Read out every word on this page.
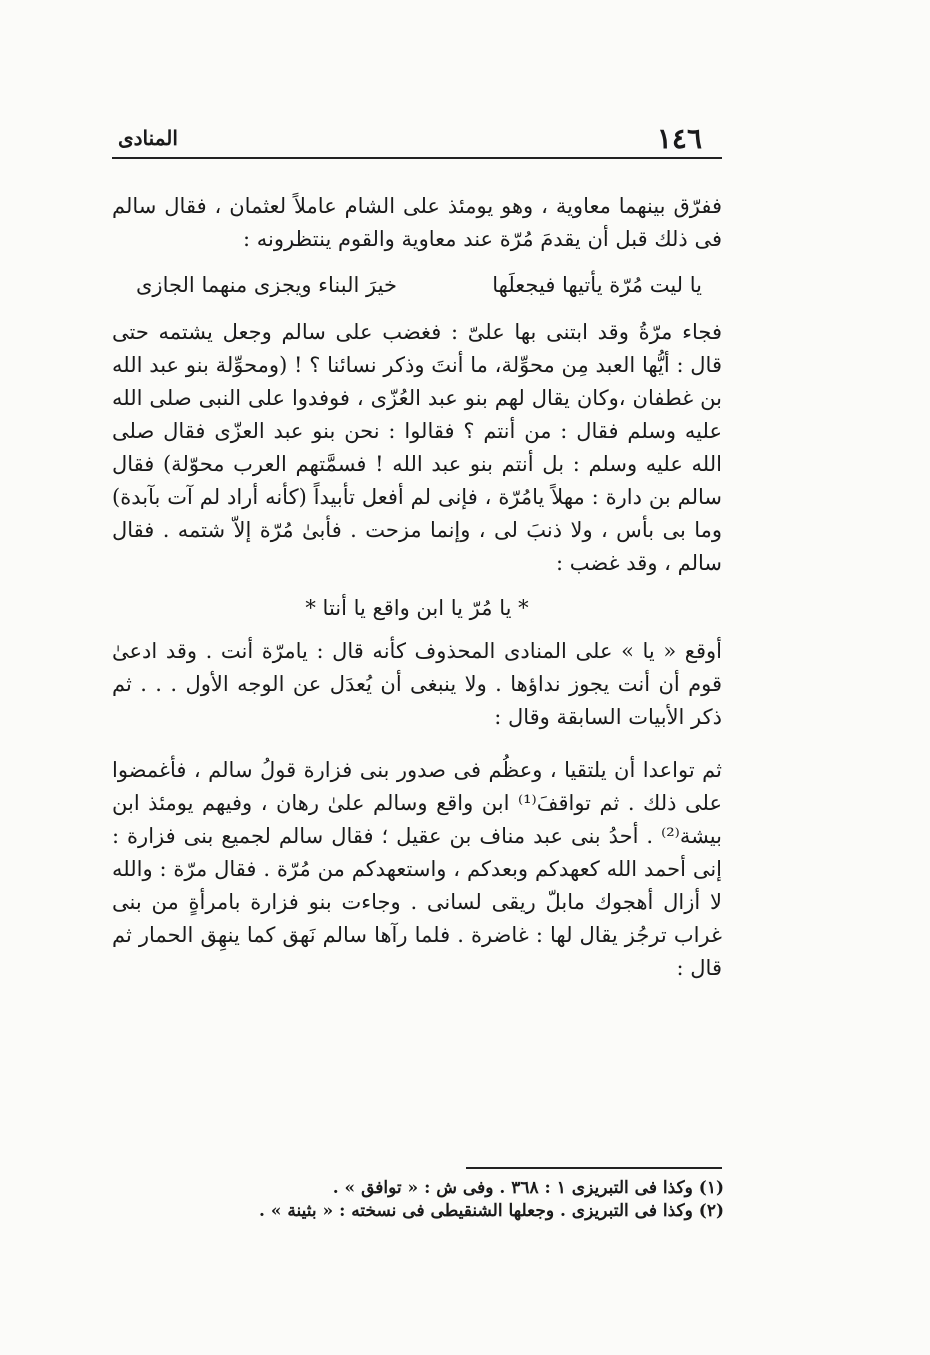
١٤٦
المنادى

ففرّق بينهما معاوية ، وهو يومئذ على الشام عاملاً لعثمان ، فقال سالم فى ذلك قبل أن يقدمَ مُرّة عند معاوية والقوم ينتظرونه :

يا ليت مُرّة يأتيها فيجعلَها
خيرَ البناء ويجزى منهما الجازى

فجاء مرّةُ وقد ابتنى بها علىّ : فغضب على سالم وجعل يشتمه حتى قال : أيُّها العبد مِن محوِّلة، ما أنتَ وذكر نسائنا ؟ ! (ومحوِّلة بنو عبد الله بن غطفان ،وكان يقال لهم بنو عبد العُزّى ، فوفدوا على النبى صلى الله عليه وسلم فقال : من أنتم ؟ فقالوا : نحن بنو عبد العزّى فقال صلى الله عليه وسلم : بل أنتم بنو عبد الله ! فسمَّتهم العرب محوّلة) فقال سالم بن دارة : مهلاً يامُرّة ، فإنى لم أفعل تأبيداً (كأنه أراد لم آت بآبدة) وما بى بأس ، ولا ذنبَ لى ، وإنما مزحت . فأبىٰ مُرّة إلاّ شتمه . فقال سالم ، وقد غضب :

* يا مُرّ يا ابن واقع يا أنتا *

أوقع « يا » على المنادى المحذوف كأنه قال : يامرّة أنت . وقد ادعىٰ قوم أن أنت يجوز نداؤها . ولا ينبغى أن يُعدَل عن الوجه الأول . . . ثم ذكر الأبيات السابقة وقال :

ثم تواعدا أن يلتقيا ، وعظُم فى صدور بنى فزارة قولُ سالم ، فأغمضوا على ذلك . ثم تواقفَ⁽¹⁾ ابن واقع وسالم علىٰ رهان ، وفيهم يومئذ ابن بيشة⁽²⁾ . أحدُ بنى عبد مناف بن عقيل ؛ فقال سالم لجميع بنى فزارة : إنى أحمد الله كعهدكم وبعدكم ، واستعهدكم من مُرّة . فقال مرّة : والله لا أزال أهجوك مابلّ ريقى لسانى . وجاءت بنو فزارة بامرأةٍ من بنى غراب ترجُز يقال لها : غاضرة . فلما رآها سالم نَهق كما ينهِق الحمار ثم قال :

(١) وكذا فى التبريزى ١ : ٣٦٨ . وفى ش : « توافق » .

(٢) وكذا فى التبريزى . وجعلها الشنقيطى فى نسخته : « بثينة » .
